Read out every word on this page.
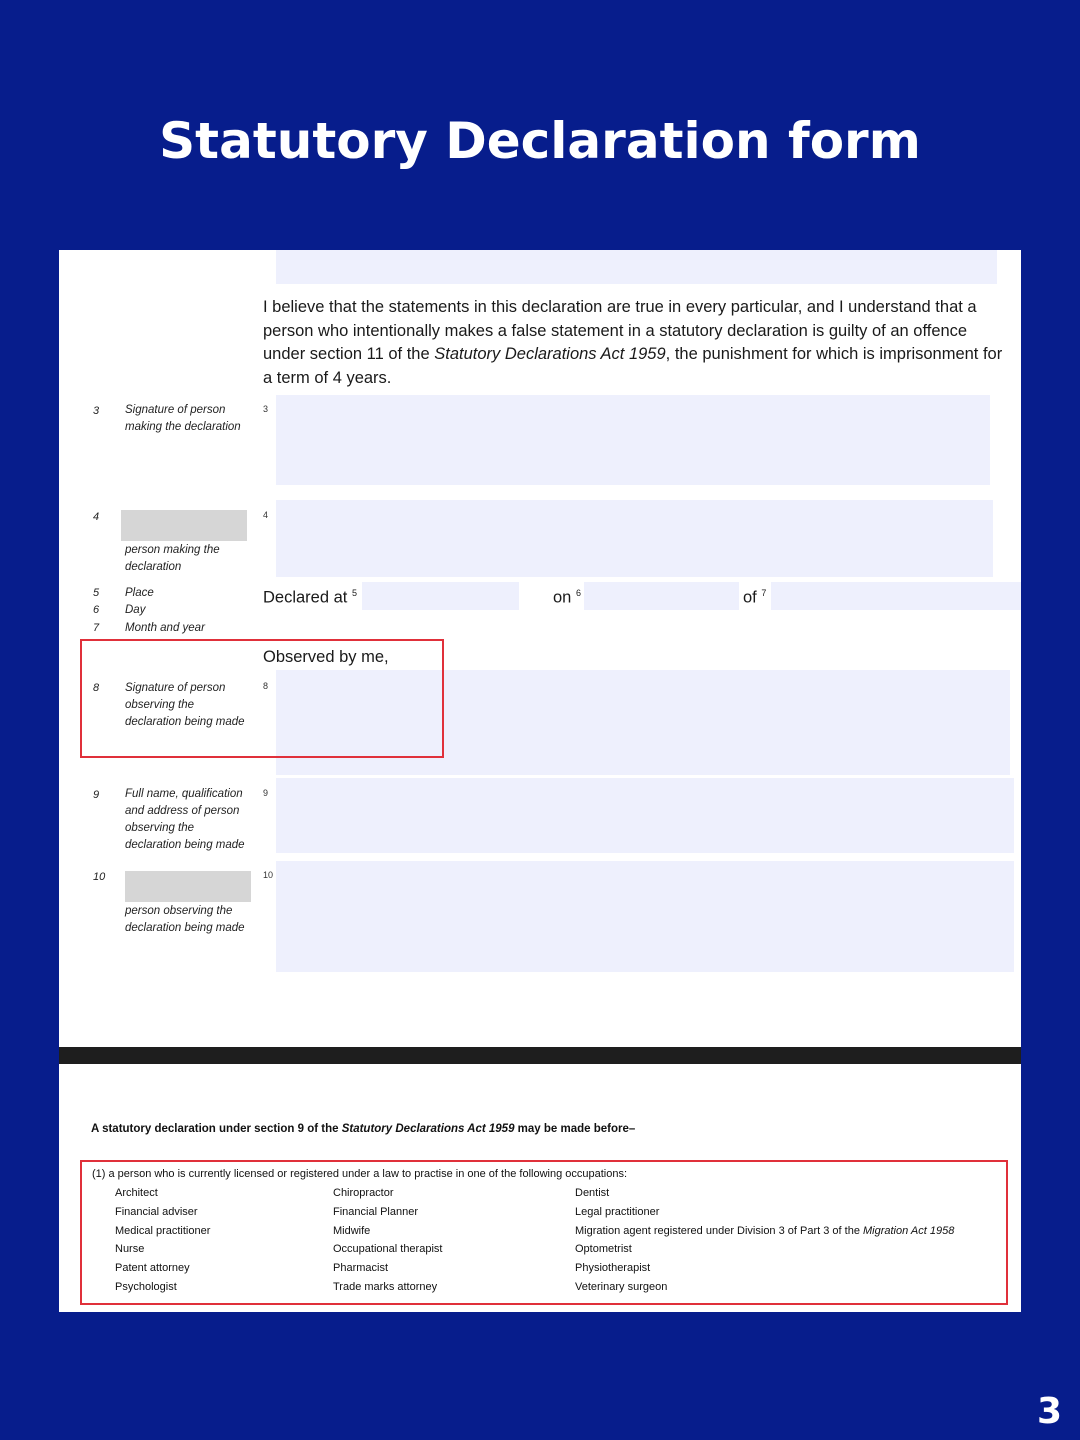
Statutory Declaration form
I believe that the statements in this declaration are true in every particular, and I understand that a person who intentionally makes a false statement in a statutory declaration is guilty of an offence under section 11 of the Statutory Declarations Act 1959, the punishment for which is imprisonment for a term of 4 years.
3 Signature of person making the declaration
3
4
person making the declaration
4
5 Place
6 Day
7 Month and year
Declared at $^5$	on $^6$	of $^7$
Observed by me,
8 Signature of person observing the declaration being made
8
9 Full name, qualification and address of person observing the declaration being made
9
10
person observing the declaration being made
10
A statutory declaration under section 9 of the Statutory Declarations Act 1959 may be made before–
(1) a person who is currently licensed or registered under a law to practise in one of the following occupations:
Architect
Financial adviser
Medical practitioner
Nurse
Patent attorney
Psychologist
Chiropractor
Financial Planner
Midwife
Occupational therapist
Pharmacist
Trade marks attorney
Dentist
Legal practitioner
Migration agent registered under Division 3 of Part 3 of the Migration Act 1958
Optometrist
Physiotherapist
Veterinary surgeon
3
